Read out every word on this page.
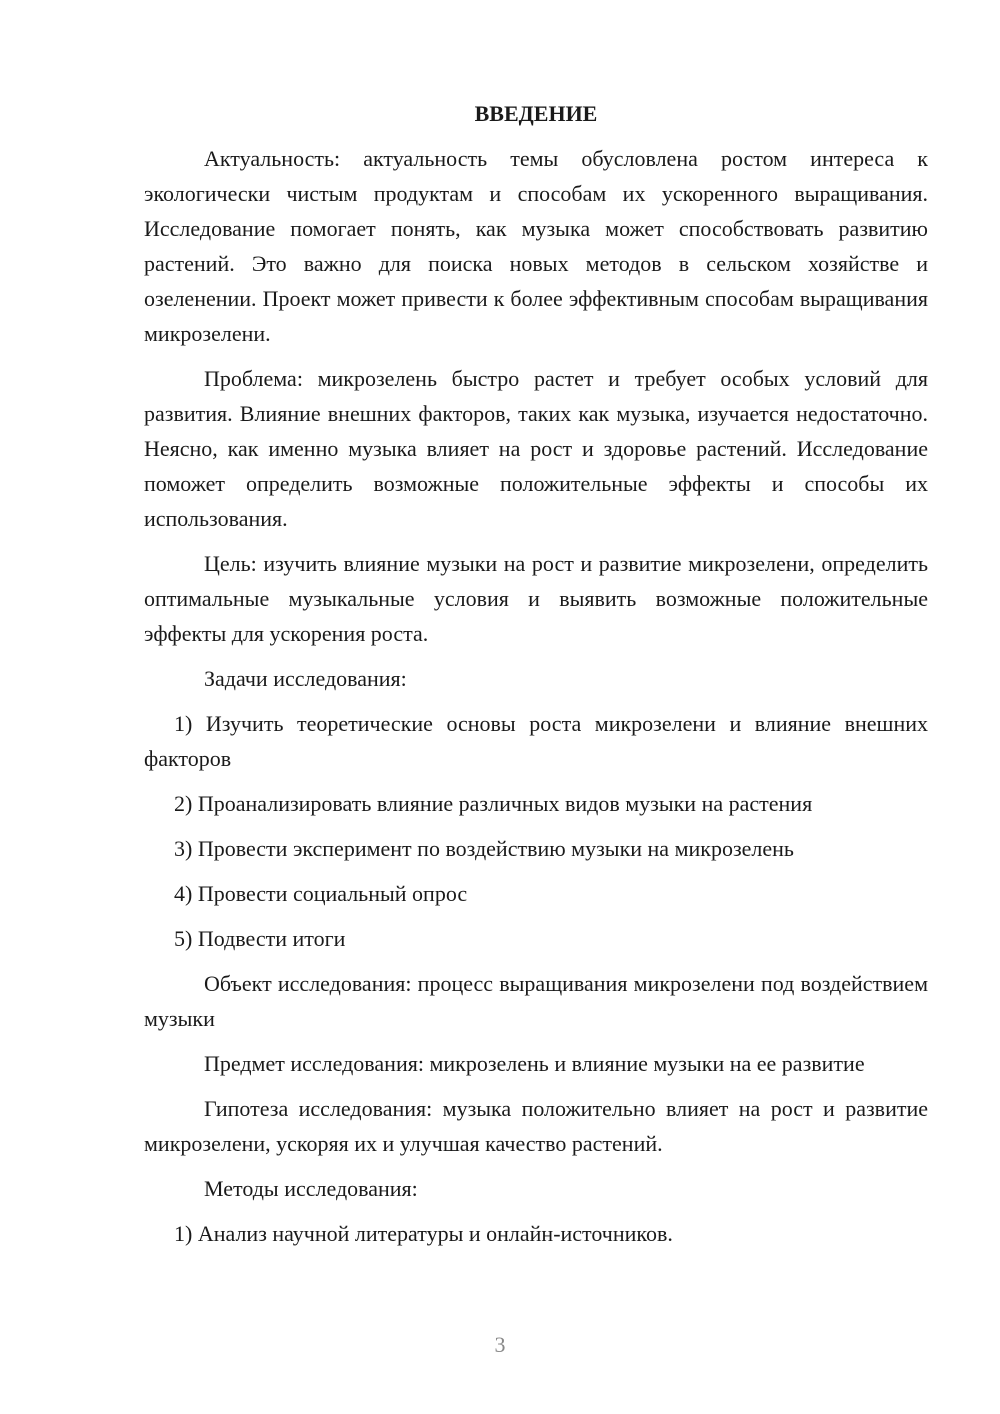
ВВЕДЕНИЕ

Актуальность: актуальность темы обусловлена ростом интереса к экологически чистым продуктам и способам их ускоренного выращивания. Исследование помогает понять, как музыка может способствовать развитию растений. Это важно для поиска новых методов в сельском хозяйстве и озеленении. Проект может привести к более эффективным способам выращивания микрозелени.

Проблема: микрозелень быстро растет и требует особых условий для развития. Влияние внешних факторов, таких как музыка, изучается недостаточно. Неясно, как именно музыка влияет на рост и здоровье растений. Исследование поможет определить возможные положительные эффекты и способы их использования.

Цель: изучить влияние музыки на рост и развитие микрозелени, определить оптимальные музыкальные условия и выявить возможные положительные эффекты для ускорения роста.

Задачи исследования:

1) Изучить теоретические основы роста микрозелени и влияние внешних факторов

2) Проанализировать влияние различных видов музыки на растения

3) Провести эксперимент по воздействию музыки на микрозелень

4) Провести социальный опрос

5) Подвести итоги

Объект исследования: процесс выращивания микрозелени под воздействием музыки

Предмет исследования: микрозелень и влияние музыки на ее развитие

Гипотеза исследования: музыка положительно влияет на рост и развитие микрозелени, ускоряя их и улучшая качество растений.

Методы исследования:

1) Анализ научной литературы и онлайн-источников.

3
